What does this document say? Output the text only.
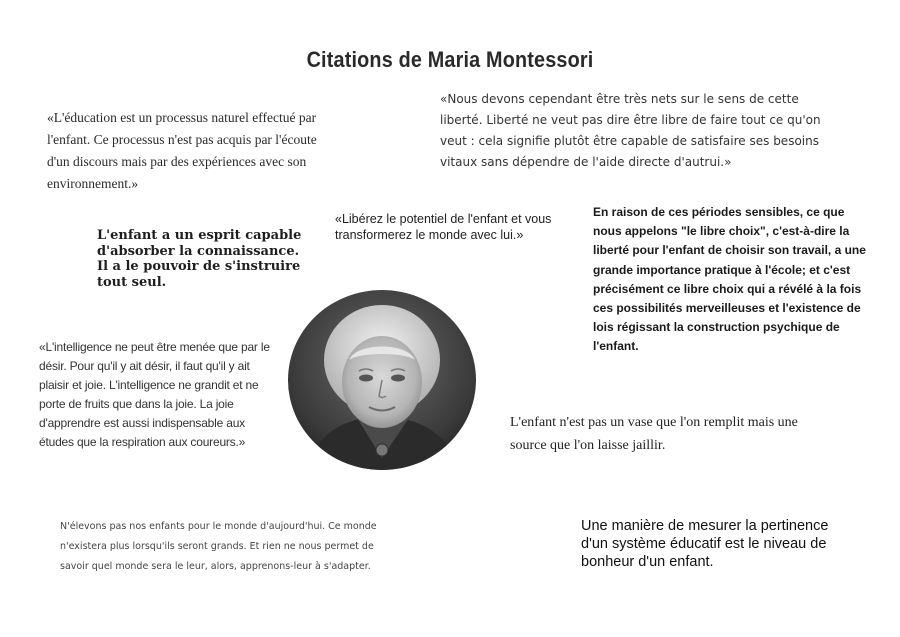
Citations de Maria Montessori

«L'éducation est un processus naturel effectué par l'enfant. Ce processus n'est pas acquis par l'écoute d'un discours mais par des expériences avec son environnement.»

«Nous devons cependant être très nets sur le sens de cette liberté. Liberté ne veut pas dire être libre de faire tout ce qu'on veut : cela signifie plutôt être capable de satisfaire ses besoins vitaux sans dépendre de l'aide directe d'autrui.»

L'enfant a un esprit capable d'absorber la connaissance. Il a le pouvoir de s'instruire tout seul.

«Libérez le potentiel de l'enfant et vous transformerez le monde avec lui.»

En raison de ces périodes sensibles, ce que nous appelons "le libre choix", c'est-à-dire la liberté pour l'enfant de choisir son travail, a une grande importance pratique à l'école; et c'est précisément ce libre choix qui a révélé à la fois ces possibilités merveilleuses et l'existence de lois régissant la construction psychique de l'enfant.

«L'intelligence ne peut être menée que par le désir. Pour qu'il y ait désir, il faut qu'il y ait plaisir et joie. L'intelligence ne grandit et ne porte de fruits que dans la joie. La joie d'apprendre est aussi indispensable aux études que la respiration aux coureurs.»

L'enfant n'est pas un vase que l'on remplit mais une source que l'on laisse jaillir.

N'élevons pas nos enfants pour le monde d'aujourd'hui. Ce monde n'existera plus lorsqu'ils seront grands. Et rien ne nous permet de savoir quel monde sera le leur, alors, apprenons-leur à s'adapter.

Une manière de mesurer la pertinence d'un système éducatif est le niveau de bonheur d'un enfant.
